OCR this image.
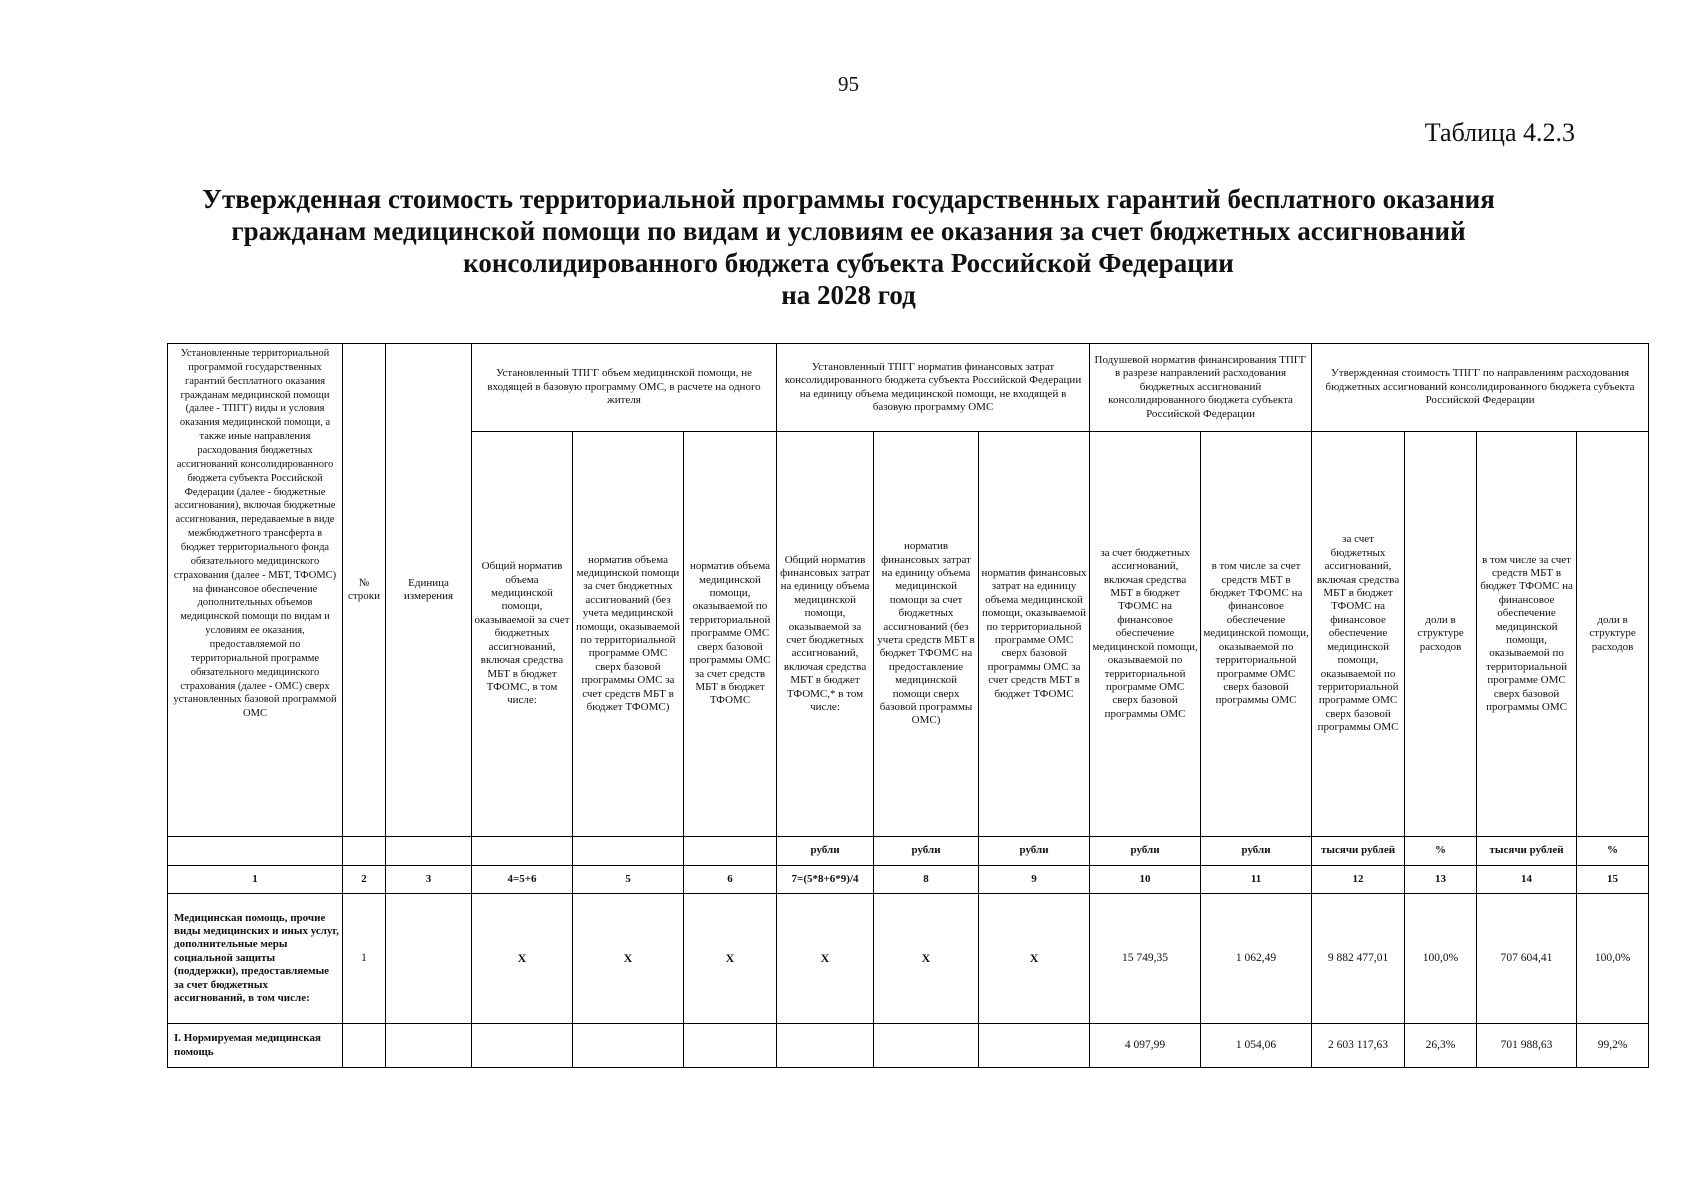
95
Таблица 4.2.3
Утвержденная стоимость территориальной программы государственных гарантий бесплатного оказания
гражданам медицинской помощи по видам и условиям ее оказания за счет бюджетных ассигнований
консолидированного бюджета субъекта Российской Федерации
на 2028 год
Установленные территориальной программой государственных гарантий бесплатного оказания гражданам медицинской помощи (далее - ТПГГ) виды и условия оказания медицинской помощи, а также иные направления расходования бюджетных ассигнований консолидированного бюджета субъекта Российской Федерации (далее - бюджетные ассигнования), включая бюджетные ассигнования, передаваемые в виде межбюджетного трансферта в бюджет территориального фонда обязательного медицинского страхования (далее - МБТ, ТФОМС) на финансовое обеспечение дополнительных объемов медицинской помощи по видам и условиям ее оказания, предоставляемой по территориальной программе обязательного медицинского страхования (далее - ОМС) сверх установленных базовой программой ОМС	№ строки	Единица измерения	Установленный ТПГГ объем медицинской помощи, не входящей в базовую программу ОМС, в расчете на одного жителя			Установленный ТПГГ норматив финансовых затрат консолидированного бюджета субъекта Российской Федерации на единицу объема медицинской помощи, не входящей в базовую программу ОМС			Подушевой норматив финансирования ТПГГ в разрезе направлений расходования бюджетных ассигнований консолидированного бюджета субъекта Российской Федерации		Утвержденная стоимость ТПГГ по направлениям расходования бюджетных ассигнований консолидированного бюджета субъекта Российской Федерации			
			Общий норматив объема медицинской помощи, оказываемой за счет бюджетных ассигнований, включая средства МБТ в бюджет ТФОМС, в том числе:	норматив объема медицинской помощи за счет бюджетных ассигнований (без учета медицинской помощи, оказываемой по территориальной программе ОМС сверх базовой программы ОМС за счет средств МБТ в бюджет ТФОМС)	норматив объема медицинской помощи, оказываемой по территориальной программе ОМС сверх базовой программы ОМС за счет средств МБТ в бюджет ТФОМС	Общий норматив финансовых затрат на единицу объема медицинской помощи, оказываемой за счет бюджетных ассигнований, включая средства МБТ в бюджет ТФОМС,* в том числе:	норматив финансовых затрат на единицу объема медицинской помощи за счет бюджетных ассигнований (без учета средств МБТ в бюджет ТФОМС на предоставление медицинской помощи сверх базовой программы ОМС)	норматив финансовых затрат на единицу объема медицинской помощи, оказываемой по территориальной программе ОМС сверх базовой программы ОМС за счет средств МБТ в бюджет ТФОМС	за счет бюджетных ассигнований, включая средства МБТ в бюджет ТФОМС на финансовое обеспечение медицинской помощи, оказываемой по территориальной программе ОМС сверх базовой программы ОМС	в том числе за счет средств МБТ в бюджет ТФОМС на финансовое обеспечение медицинской помощи, оказываемой по территориальной программе ОМС сверх базовой программы ОМС	за счет бюджетных ассигнований, включая средства МБТ в бюджет ТФОМС на финансовое обеспечение медицинской помощи, оказываемой по территориальной программе ОМС сверх базовой программы ОМС	доли в структуре расходов	в том числе за счет средств МБТ в бюджет ТФОМС на финансовое обеспечение медицинской помощи, оказываемой по территориальной программе ОМС сверх базовой программы ОМС	доли в структуре расходов
						рубли	рубли	рубли	рубли	рубли	тысячи рублей	%	тысячи рублей	%
1	2	3	4=5+6	5	6	7=(5*8+6*9)/4	8	9	10	11	12	13	14	15
Медицинская помощь, прочие виды медицинских и иных услуг, дополнительные меры социальной защиты (поддержки), предоставляемые за счет бюджетных ассигнований, в том числе:	1		X	X	X	X	X	X	15 749,35	1 062,49	9 882 477,01	100,0%	707 604,41	100,0%
I. Нормируемая медицинская помощь									4 097,99	1 054,06	2 603 117,63	26,3%	701 988,63	99,2%
